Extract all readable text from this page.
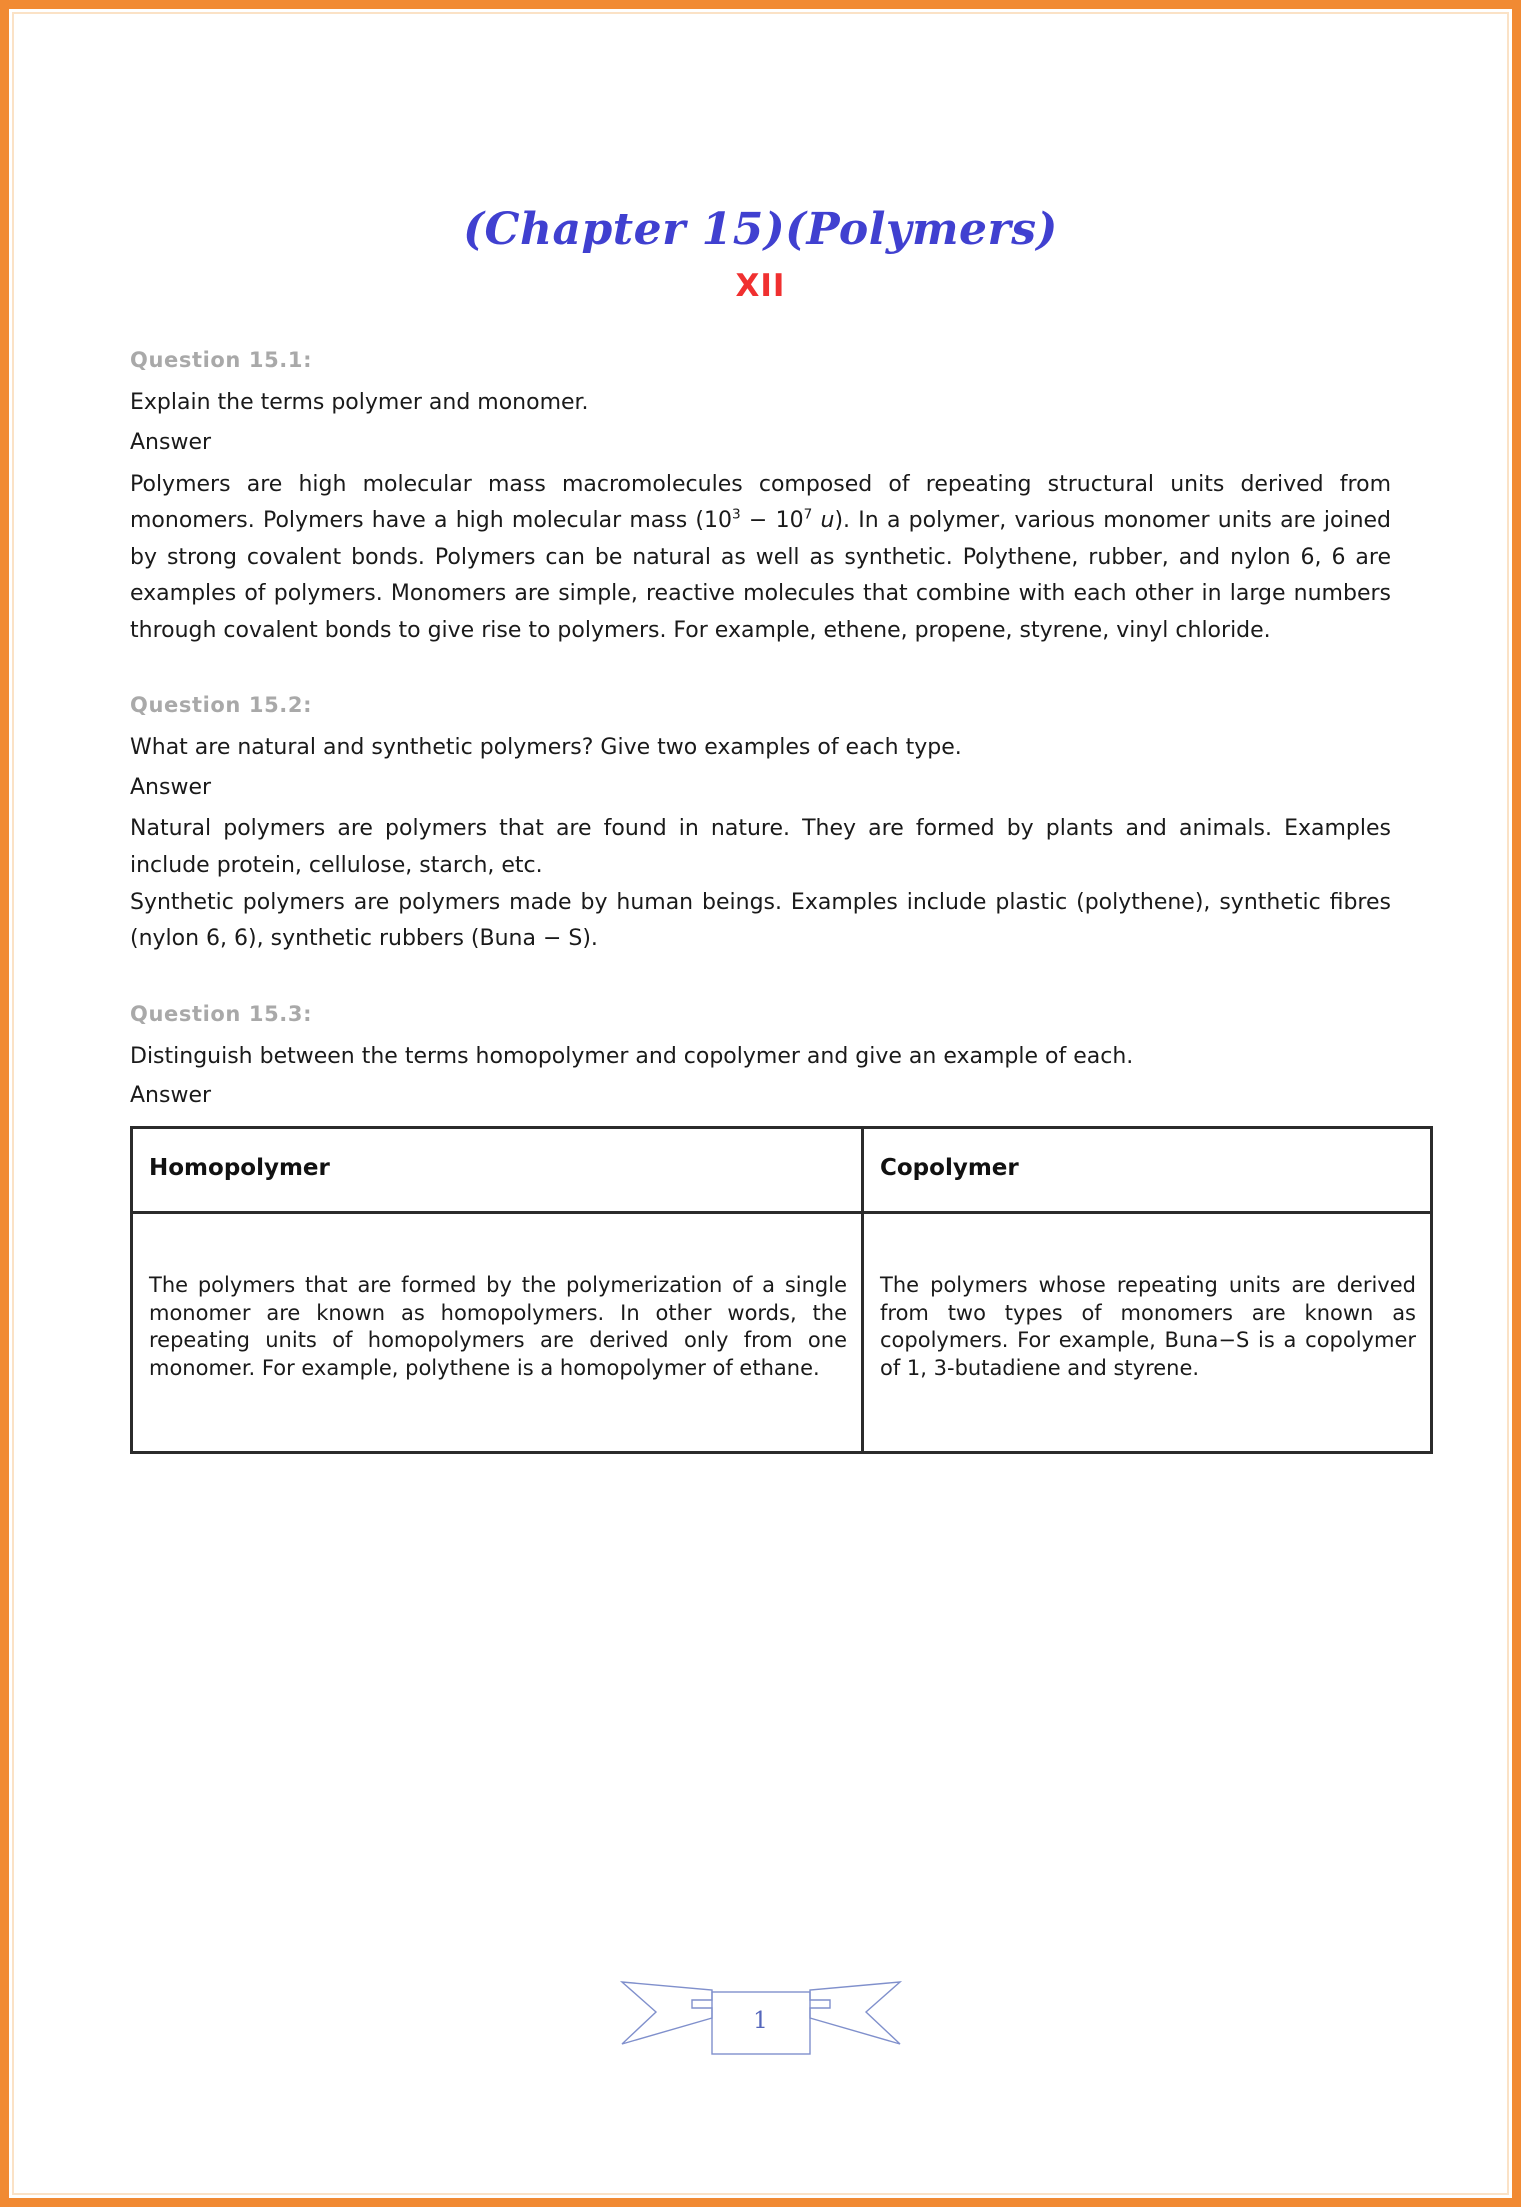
(Chapter 15)(Polymers)
XII
Question 15.1:
Explain the terms polymer and monomer.
Answer
Polymers are high molecular mass macromolecules composed of repeating structural units derived from monomers. Polymers have a high molecular mass ($10^3 - 10^7$ u). In a polymer, various monomer units are joined by strong covalent bonds. Polymers can be natural as well as synthetic. Polythene, rubber, and nylon 6, 6 are examples of polymers. Monomers are simple, reactive molecules that combine with each other in large numbers through covalent bonds to give rise to polymers. For example, ethene, propene, styrene, vinyl chloride.
Question 15.2:
What are natural and synthetic polymers? Give two examples of each type.
Answer
Natural polymers are polymers that are found in nature. They are formed by plants and animals. Examples include protein, cellulose, starch, etc.
Synthetic polymers are polymers made by human beings. Examples include plastic (polythene), synthetic fibres (nylon 6, 6), synthetic rubbers (Buna − S).
Question 15.3:
Distinguish between the terms homopolymer and copolymer and give an example of each.
Answer
Homopolymer	Copolymer
The polymers that are formed by the polymerization of a single monomer are known as homopolymers. In other words, the repeating units of homopolymers are derived only from one monomer. For example, polythene is a homopolymer of ethane.	The polymers whose repeating units are derived from two types of monomers are known as copolymers. For example, Buna−S is a copolymer of 1, 3-butadiene and styrene.
1
